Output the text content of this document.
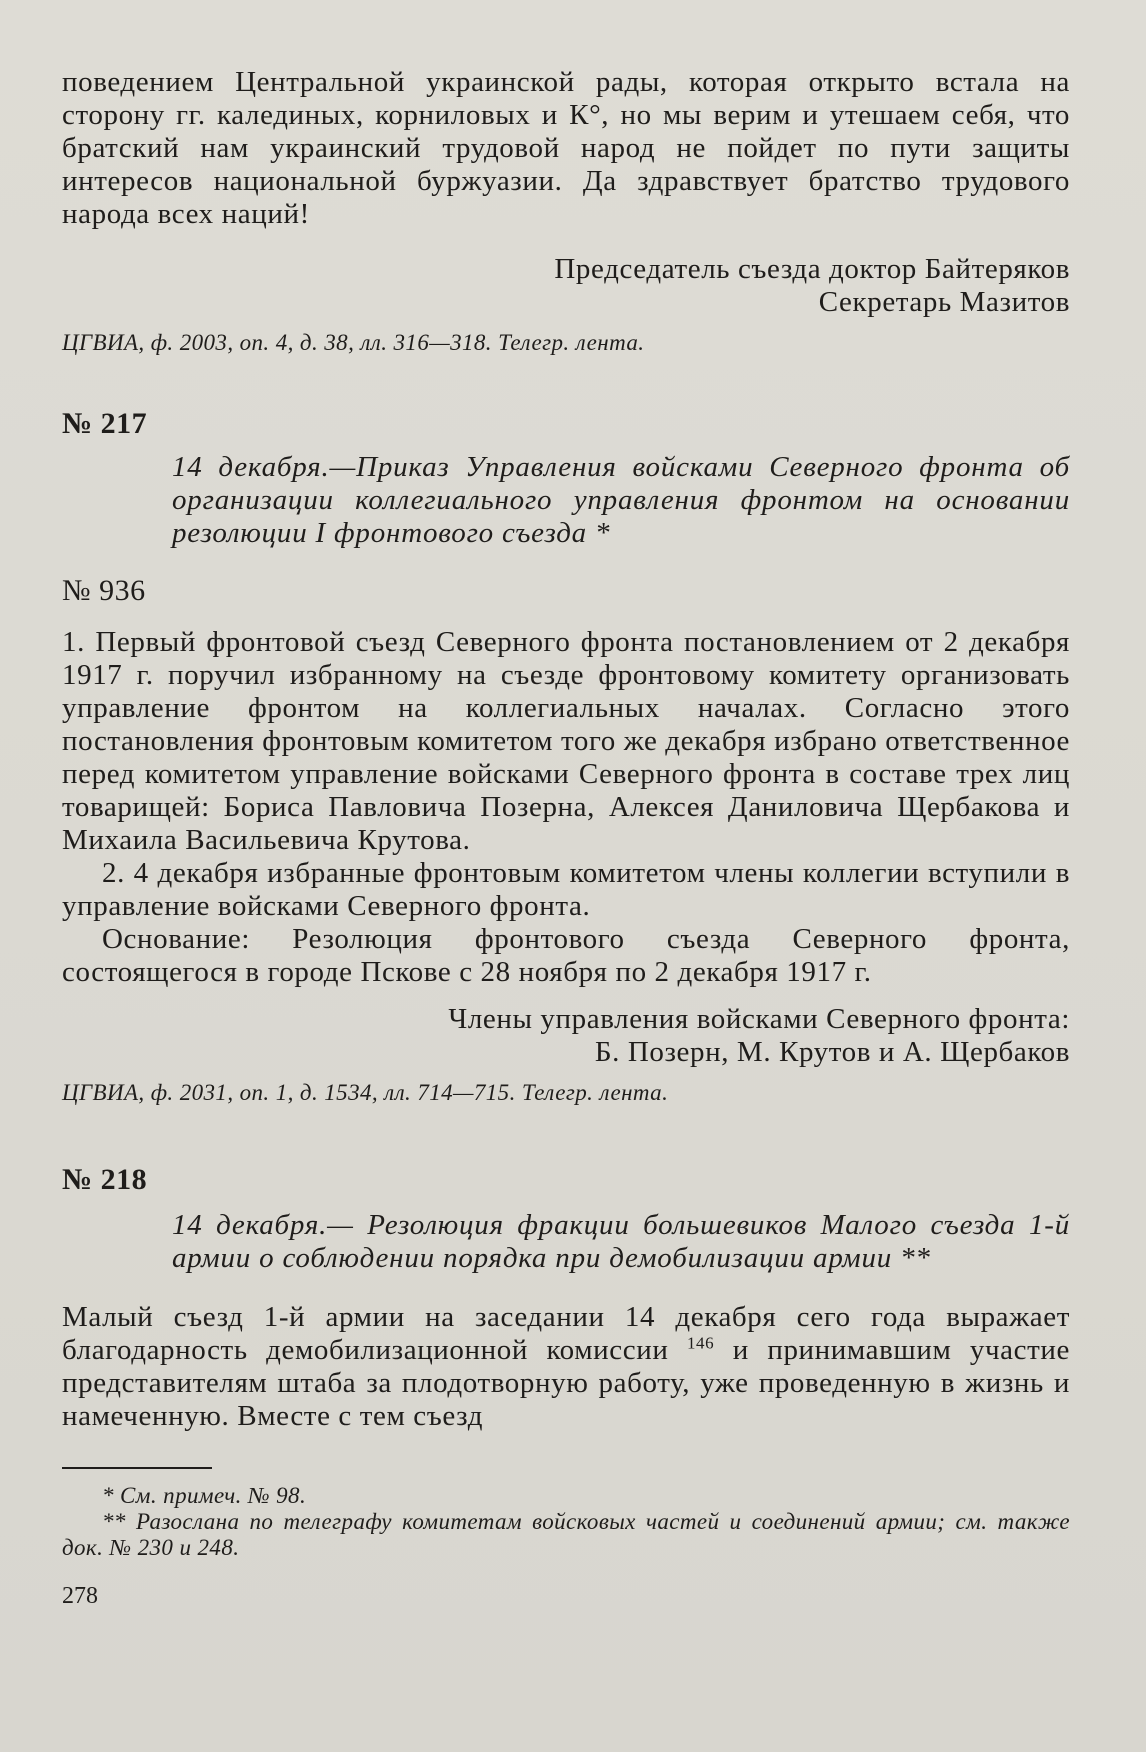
поведением Центральной украинской рады, которая открыто встала на сторону гг. калединых, корниловых и К°, но мы верим и утешаем себя, что братский нам украинский трудовой народ не пойдет по пути защиты интересов национальной буржуазии. Да здравствует братство трудового народа всех наций!

Председатель съезда доктор Байтеряков

Секретарь Мазитов

ЦГВИА, ф. 2003, оп. 4, д. 38, лл. 316—318. Телегр. лента.

№ 217

14 декабря.—Приказ Управления войсками Северного фронта об организации коллегиального управления фронтом на основании резолюции I фронтового съезда *

№ 936

1. Первый фронтовой съезд Северного фронта постановлением от 2 декабря 1917 г. поручил избранному на съезде фронтовому комитету организовать управление фронтом на коллегиальных началах. Согласно этого постановления фронтовым комитетом того же декабря избрано ответственное перед комитетом управление войсками Северного фронта в составе трех лиц товарищей: Бориса Павловича Позерна, Алексея Даниловича Щербакова и Михаила Васильевича Крутова.

2. 4 декабря избранные фронтовым комитетом члены коллегии вступили в управление войсками Северного фронта.

Основание: Резолюция фронтового съезда Северного фронта, состоящегося в городе Пскове с 28 ноября по 2 декабря 1917 г.

Члены управления войсками Северного фронта:

Б. Позерн, М. Крутов и А. Щербаков

ЦГВИА, ф. 2031, оп. 1, д. 1534, лл. 714—715. Телегр. лента.

№ 218

14 декабря.— Резолюция фракции большевиков Малого съезда 1-й армии о соблюдении порядка при демобилизации армии **

Малый съезд 1-й армии на заседании 14 декабря сего года выражает благодарность демобилизационной комиссии $^{146}$ и принимавшим участие представителям штаба за плодотворную работу, уже проведенную в жизнь и намеченную. Вместе с тем съезд

* См. примеч. № 98.

** Разослана по телеграфу комитетам войсковых частей и соединений армии; см. также док. № 230 и 248.

278
